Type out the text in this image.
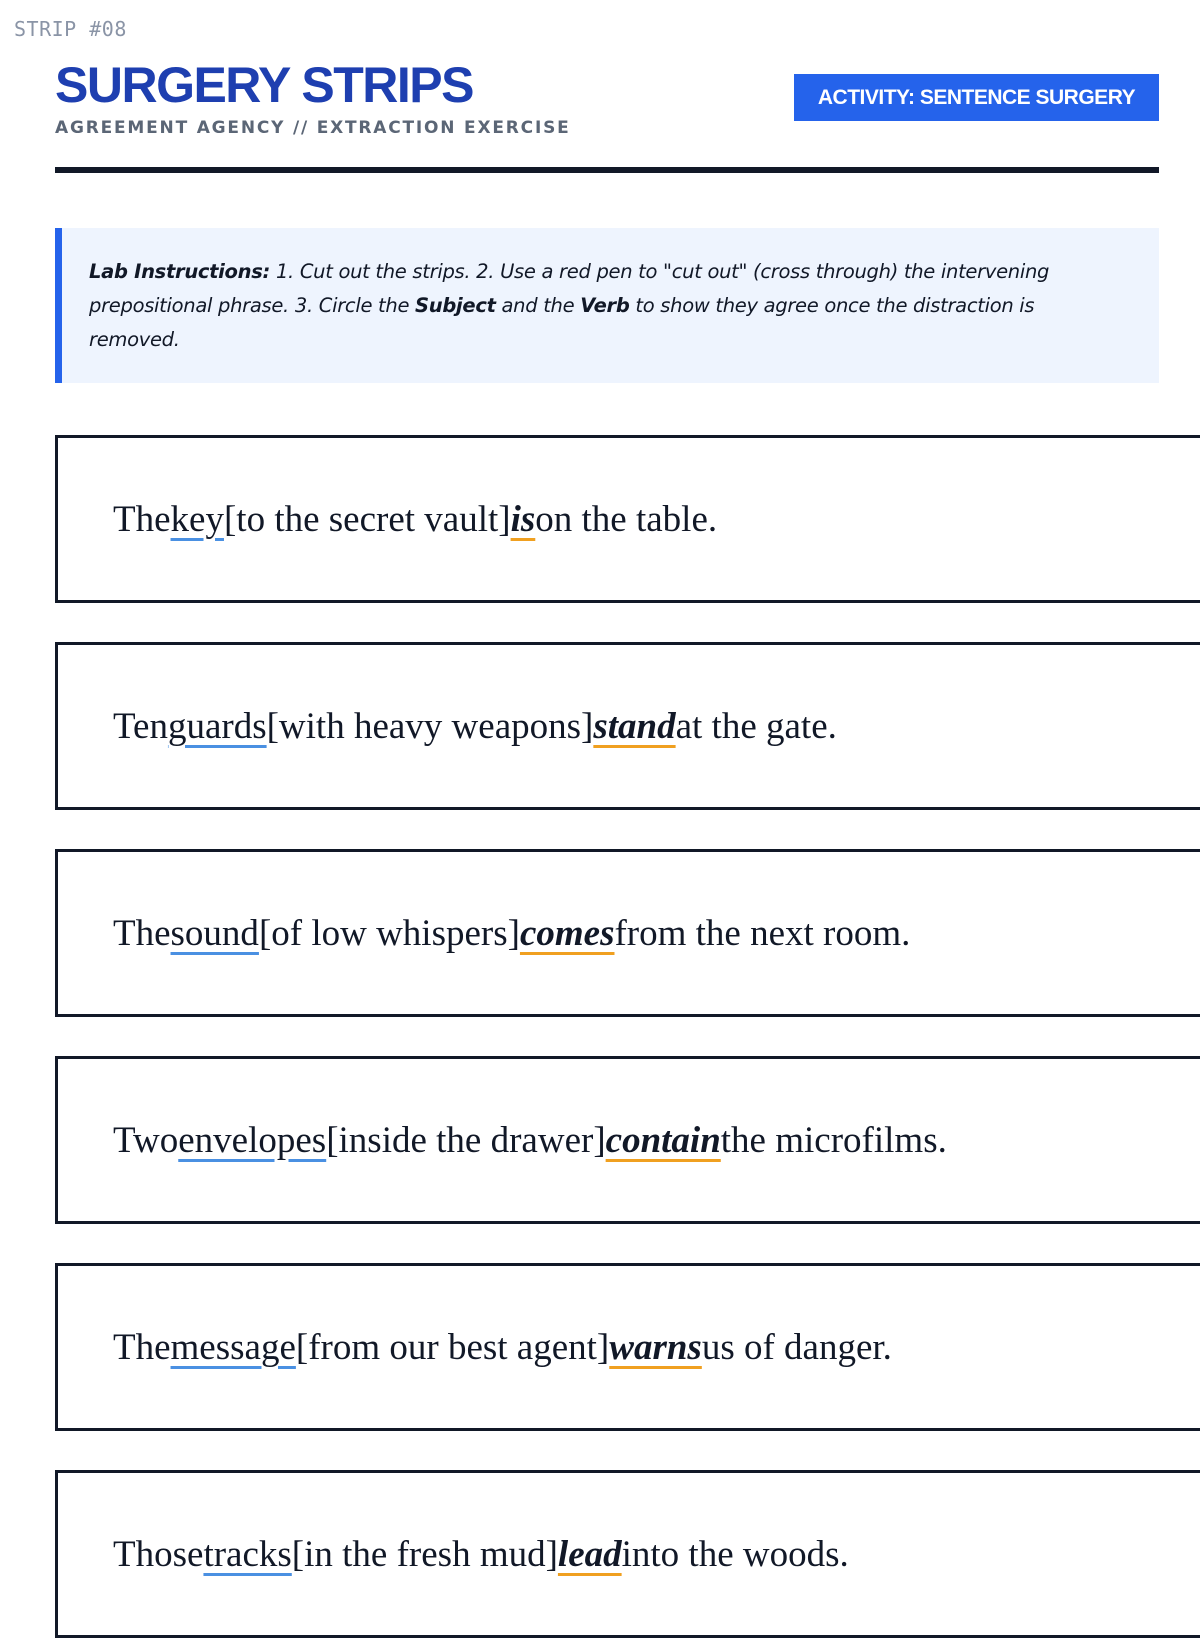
STRIP #08
SURGERY STRIPS
AGREEMENT AGENCY // EXTRACTION EXERCISE
ACTIVITY: SENTENCE SURGERY
Lab Instructions: 1. Cut out the strips. 2. Use a red pen to "cut out" (cross through) the intervening prepositional phrase. 3. Circle the Subject and the Verb to show they agree once the distraction is removed.
The key [to the secret vault] is on the table.
Ten guards [with heavy weapons] stand at the gate.
The sound [of low whispers] comes from the next room.
Two envelopes [inside the drawer] contain the microfilms.
The message [from our best agent] warns us of danger.
Those tracks [in the fresh mud] lead into the woods.
